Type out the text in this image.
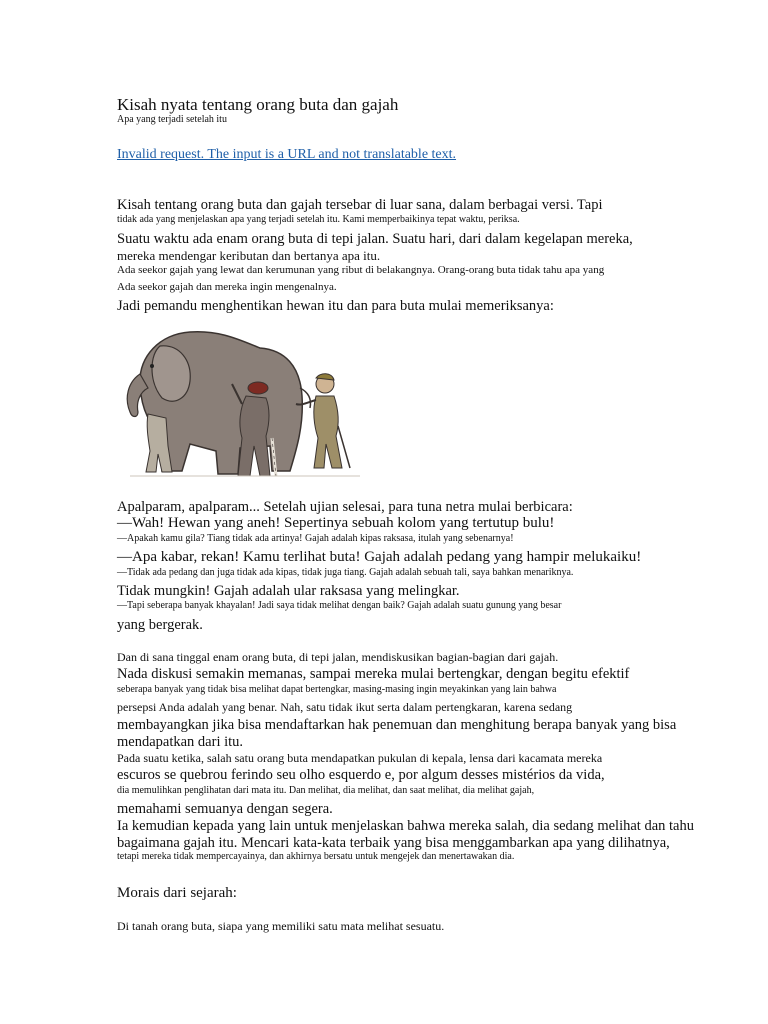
Kisah nyata tentang orang buta dan gajah
Apa yang terjadi setelah itu
Invalid request. The input is a URL and not translatable text.
Kisah tentang orang buta dan gajah tersebar di luar sana, dalam berbagai versi. Tapi
tidak ada yang menjelaskan apa yang terjadi setelah itu. Kami memperbaikinya tepat waktu, periksa.
Suatu waktu ada enam orang buta di tepi jalan. Suatu hari, dari dalam kegelapan mereka,
mereka mendengar keributan dan bertanya apa itu.
Ada seekor gajah yang lewat dan kerumunan yang ribut di belakangnya. Orang-orang buta tidak tahu apa yang
Ada seekor gajah dan mereka ingin mengenalnya.
Jadi pemandu menghentikan hewan itu dan para buta mulai memeriksanya:
Apalparam, apalparam... Setelah ujian selesai, para tuna netra mulai berbicara:
—Wah! Hewan yang aneh! Sepertinya sebuah kolom yang tertutup bulu!
—Apakah kamu gila? Tiang tidak ada artinya! Gajah adalah kipas raksasa, itulah yang sebenarnya!
—Apa kabar, rekan! Kamu terlihat buta! Gajah adalah pedang yang hampir melukaiku!
—Tidak ada pedang dan juga tidak ada kipas, tidak juga tiang. Gajah adalah sebuah tali, saya bahkan menariknya.
Tidak mungkin! Gajah adalah ular raksasa yang melingkar.
—Tapi seberapa banyak khayalan! Jadi saya tidak melihat dengan baik? Gajah adalah suatu gunung yang besar
yang bergerak.
Dan di sana tinggal enam orang buta, di tepi jalan, mendiskusikan bagian-bagian dari gajah.
Nada diskusi semakin memanas, sampai mereka mulai bertengkar, dengan begitu efektif
seberapa banyak yang tidak bisa melihat dapat bertengkar, masing-masing ingin meyakinkan yang lain bahwa
persepsi Anda adalah yang benar. Nah, satu tidak ikut serta dalam pertengkaran, karena sedang
membayangkan jika bisa mendaftarkan hak penemuan dan menghitung berapa banyak yang bisa
mendapatkan dari itu.
Pada suatu ketika, salah satu orang buta mendapatkan pukulan di kepala, lensa dari kacamata mereka
escuros se quebrou ferindo seu olho esquerdo e, por algum desses mistérios da vida,
dia memulihkan penglihatan dari mata itu. Dan melihat, dia melihat, dan saat melihat, dia melihat gajah,
memahami semuanya dengan segera.
Ia kemudian kepada yang lain untuk menjelaskan bahwa mereka salah, dia sedang melihat dan tahu
bagaimana gajah itu. Mencari kata-kata terbaik yang bisa menggambarkan apa yang dilihatnya,
tetapi mereka tidak mempercayainya, dan akhirnya bersatu untuk mengejek dan menertawakan dia.
Morais dari sejarah:
Di tanah orang buta, siapa yang memiliki satu mata melihat sesuatu.
